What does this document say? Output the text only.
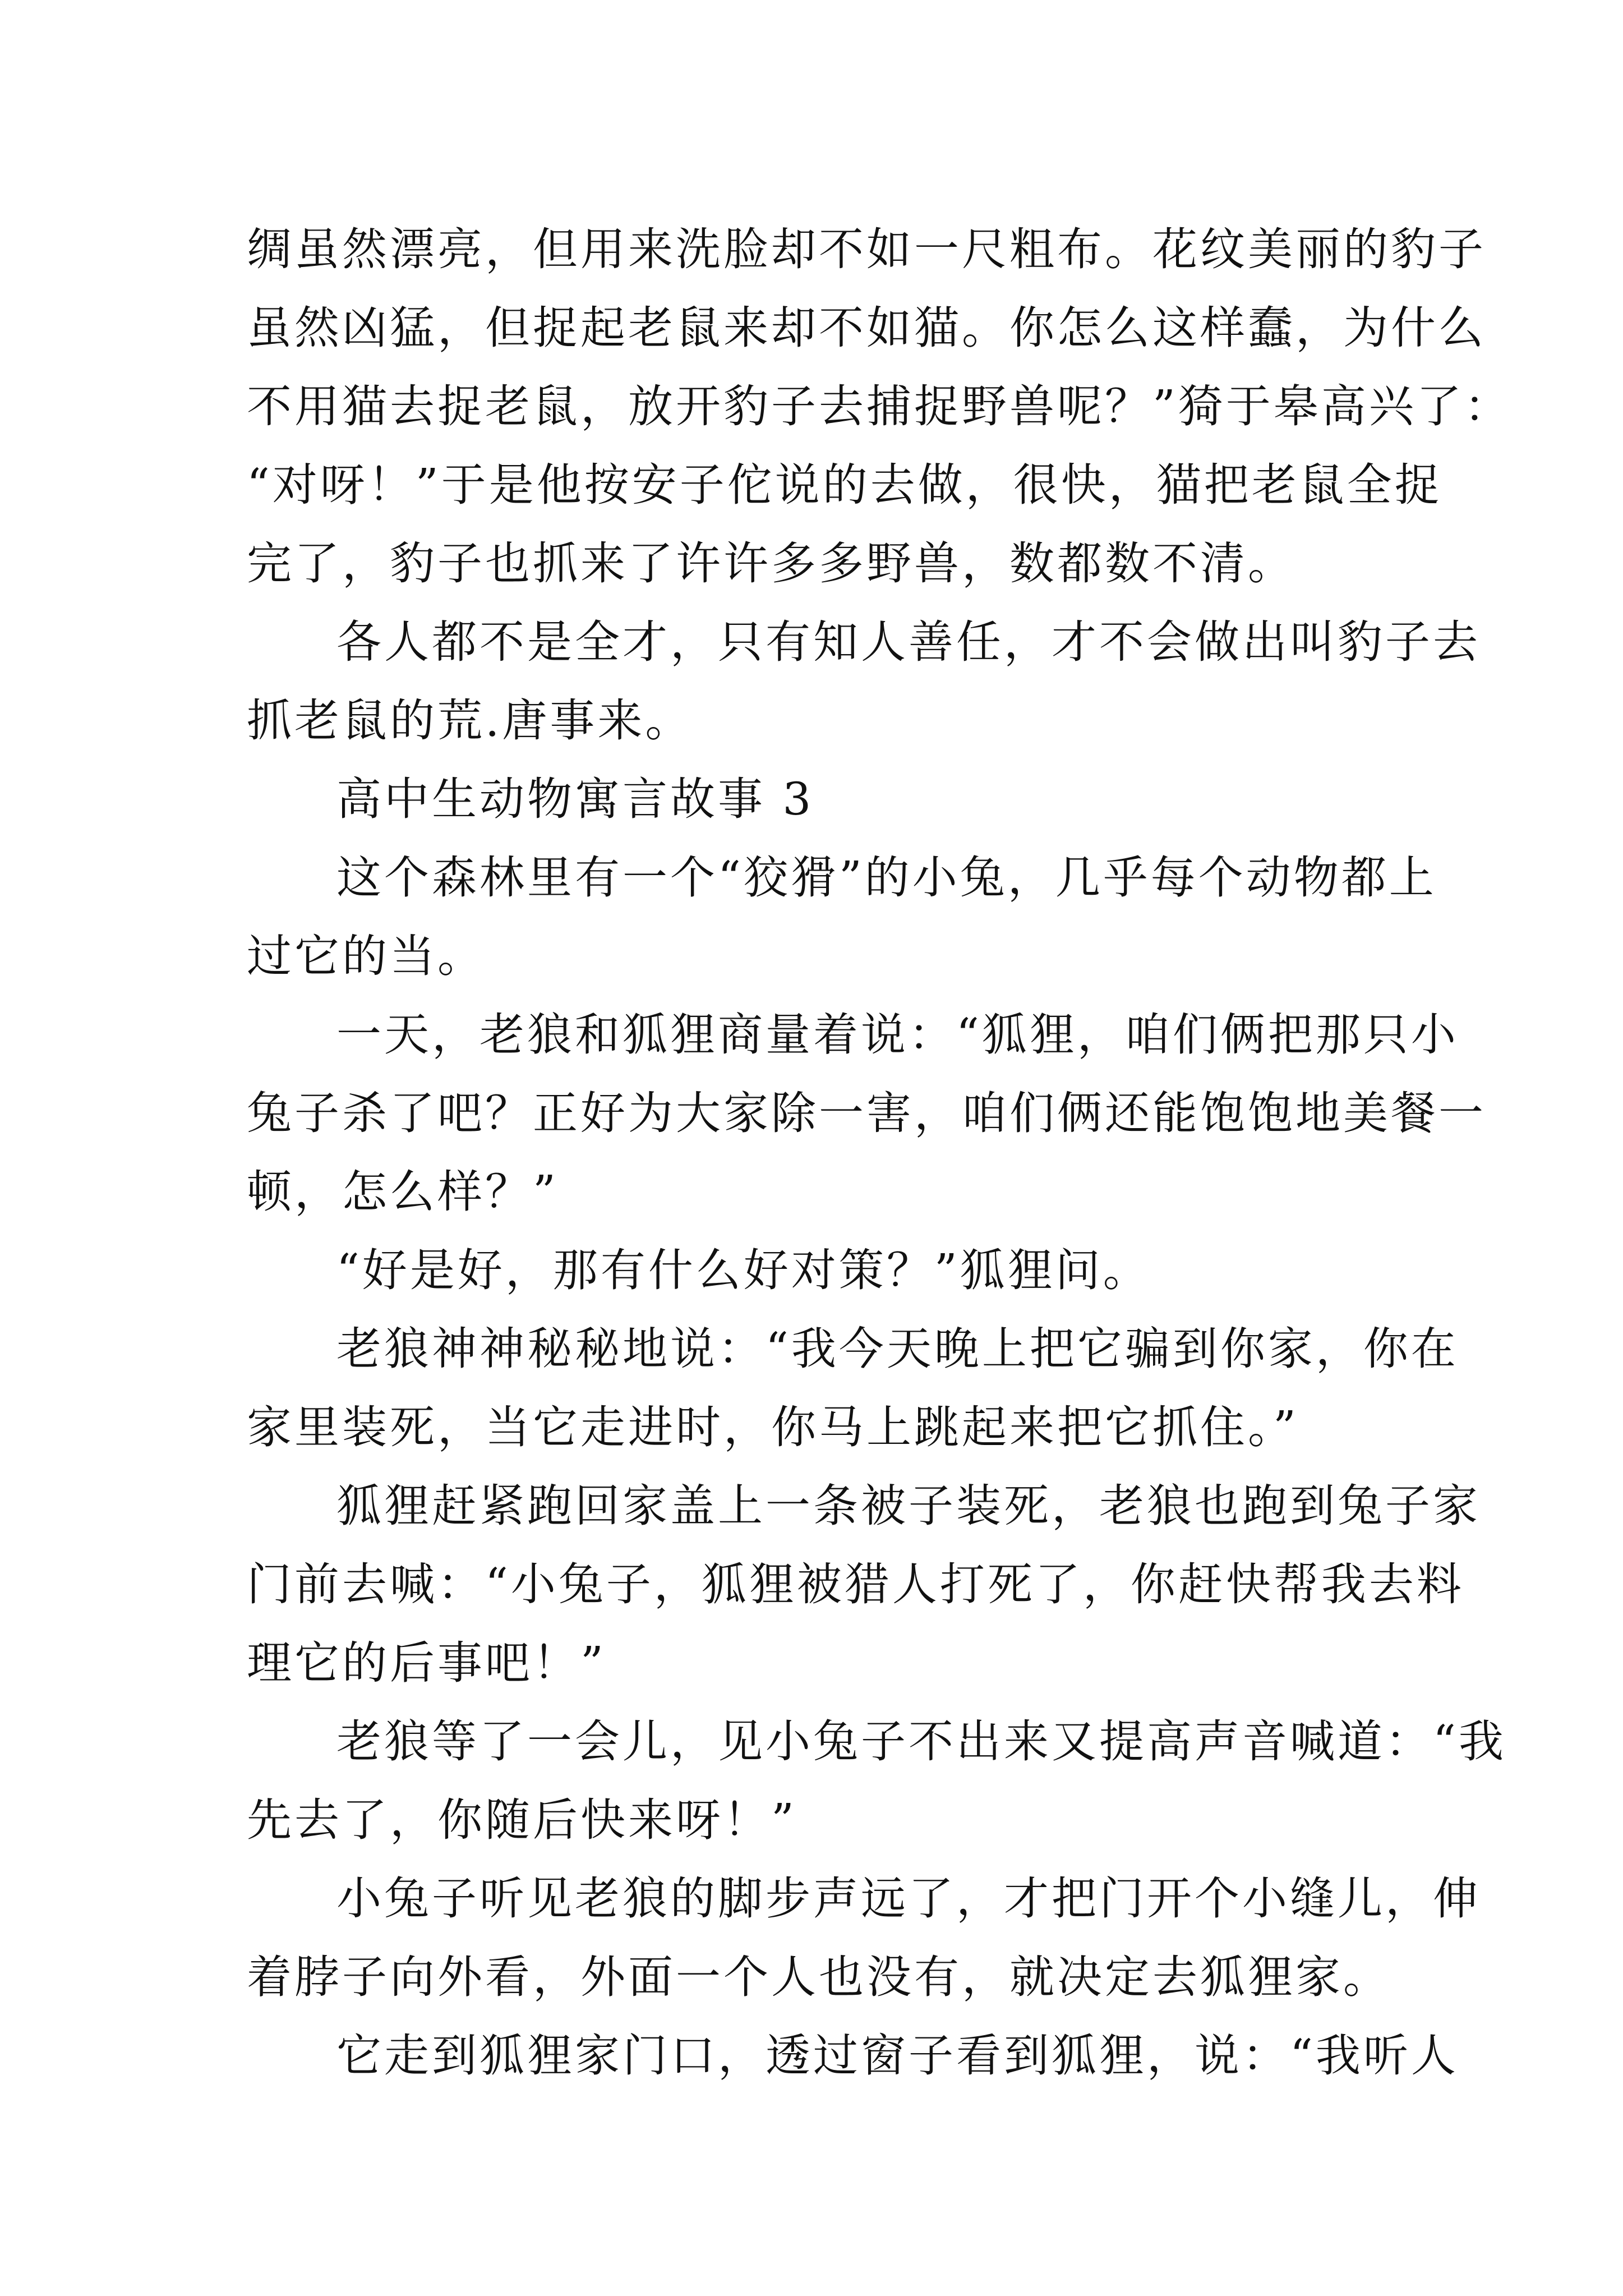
绸虽然漂亮，但用来洗脸却不如一尺粗布。花纹美丽的豹子
虽然凶猛，但捉起老鼠来却不如猫。你怎么这样蠢，为什么
不用猫去捉老鼠，放开豹子去捕捉野兽呢？”猗于皋高兴了：
“对呀！”于是他按安子佗说的去做，很快，猫把老鼠全捉
完了，豹子也抓来了许许多多野兽，数都数不清。
各人都不是全才，只有知人善任，才不会做出叫豹子去
抓老鼠的荒.唐事来。
高中生动物寓言故事 3
这个森林里有一个“狡猾”的小兔，几乎每个动物都上
过它的当。
一天，老狼和狐狸商量着说：“狐狸，咱们俩把那只小
兔子杀了吧？正好为大家除一害，咱们俩还能饱饱地美餐一
顿，怎么样？”
“好是好，那有什么好对策？”狐狸问。
老狼神神秘秘地说：“我今天晚上把它骗到你家，你在
家里装死，当它走进时，你马上跳起来把它抓住。”
狐狸赶紧跑回家盖上一条被子装死，老狼也跑到兔子家
门前去喊：“小兔子，狐狸被猎人打死了，你赶快帮我去料
理它的后事吧！”
老狼等了一会儿，见小兔子不出来又提高声音喊道：“我
先去了，你随后快来呀！”
小兔子听见老狼的脚步声远了，才把门开个小缝儿，伸
着脖子向外看，外面一个人也没有，就决定去狐狸家。
它走到狐狸家门口，透过窗子看到狐狸，说：“我听人
